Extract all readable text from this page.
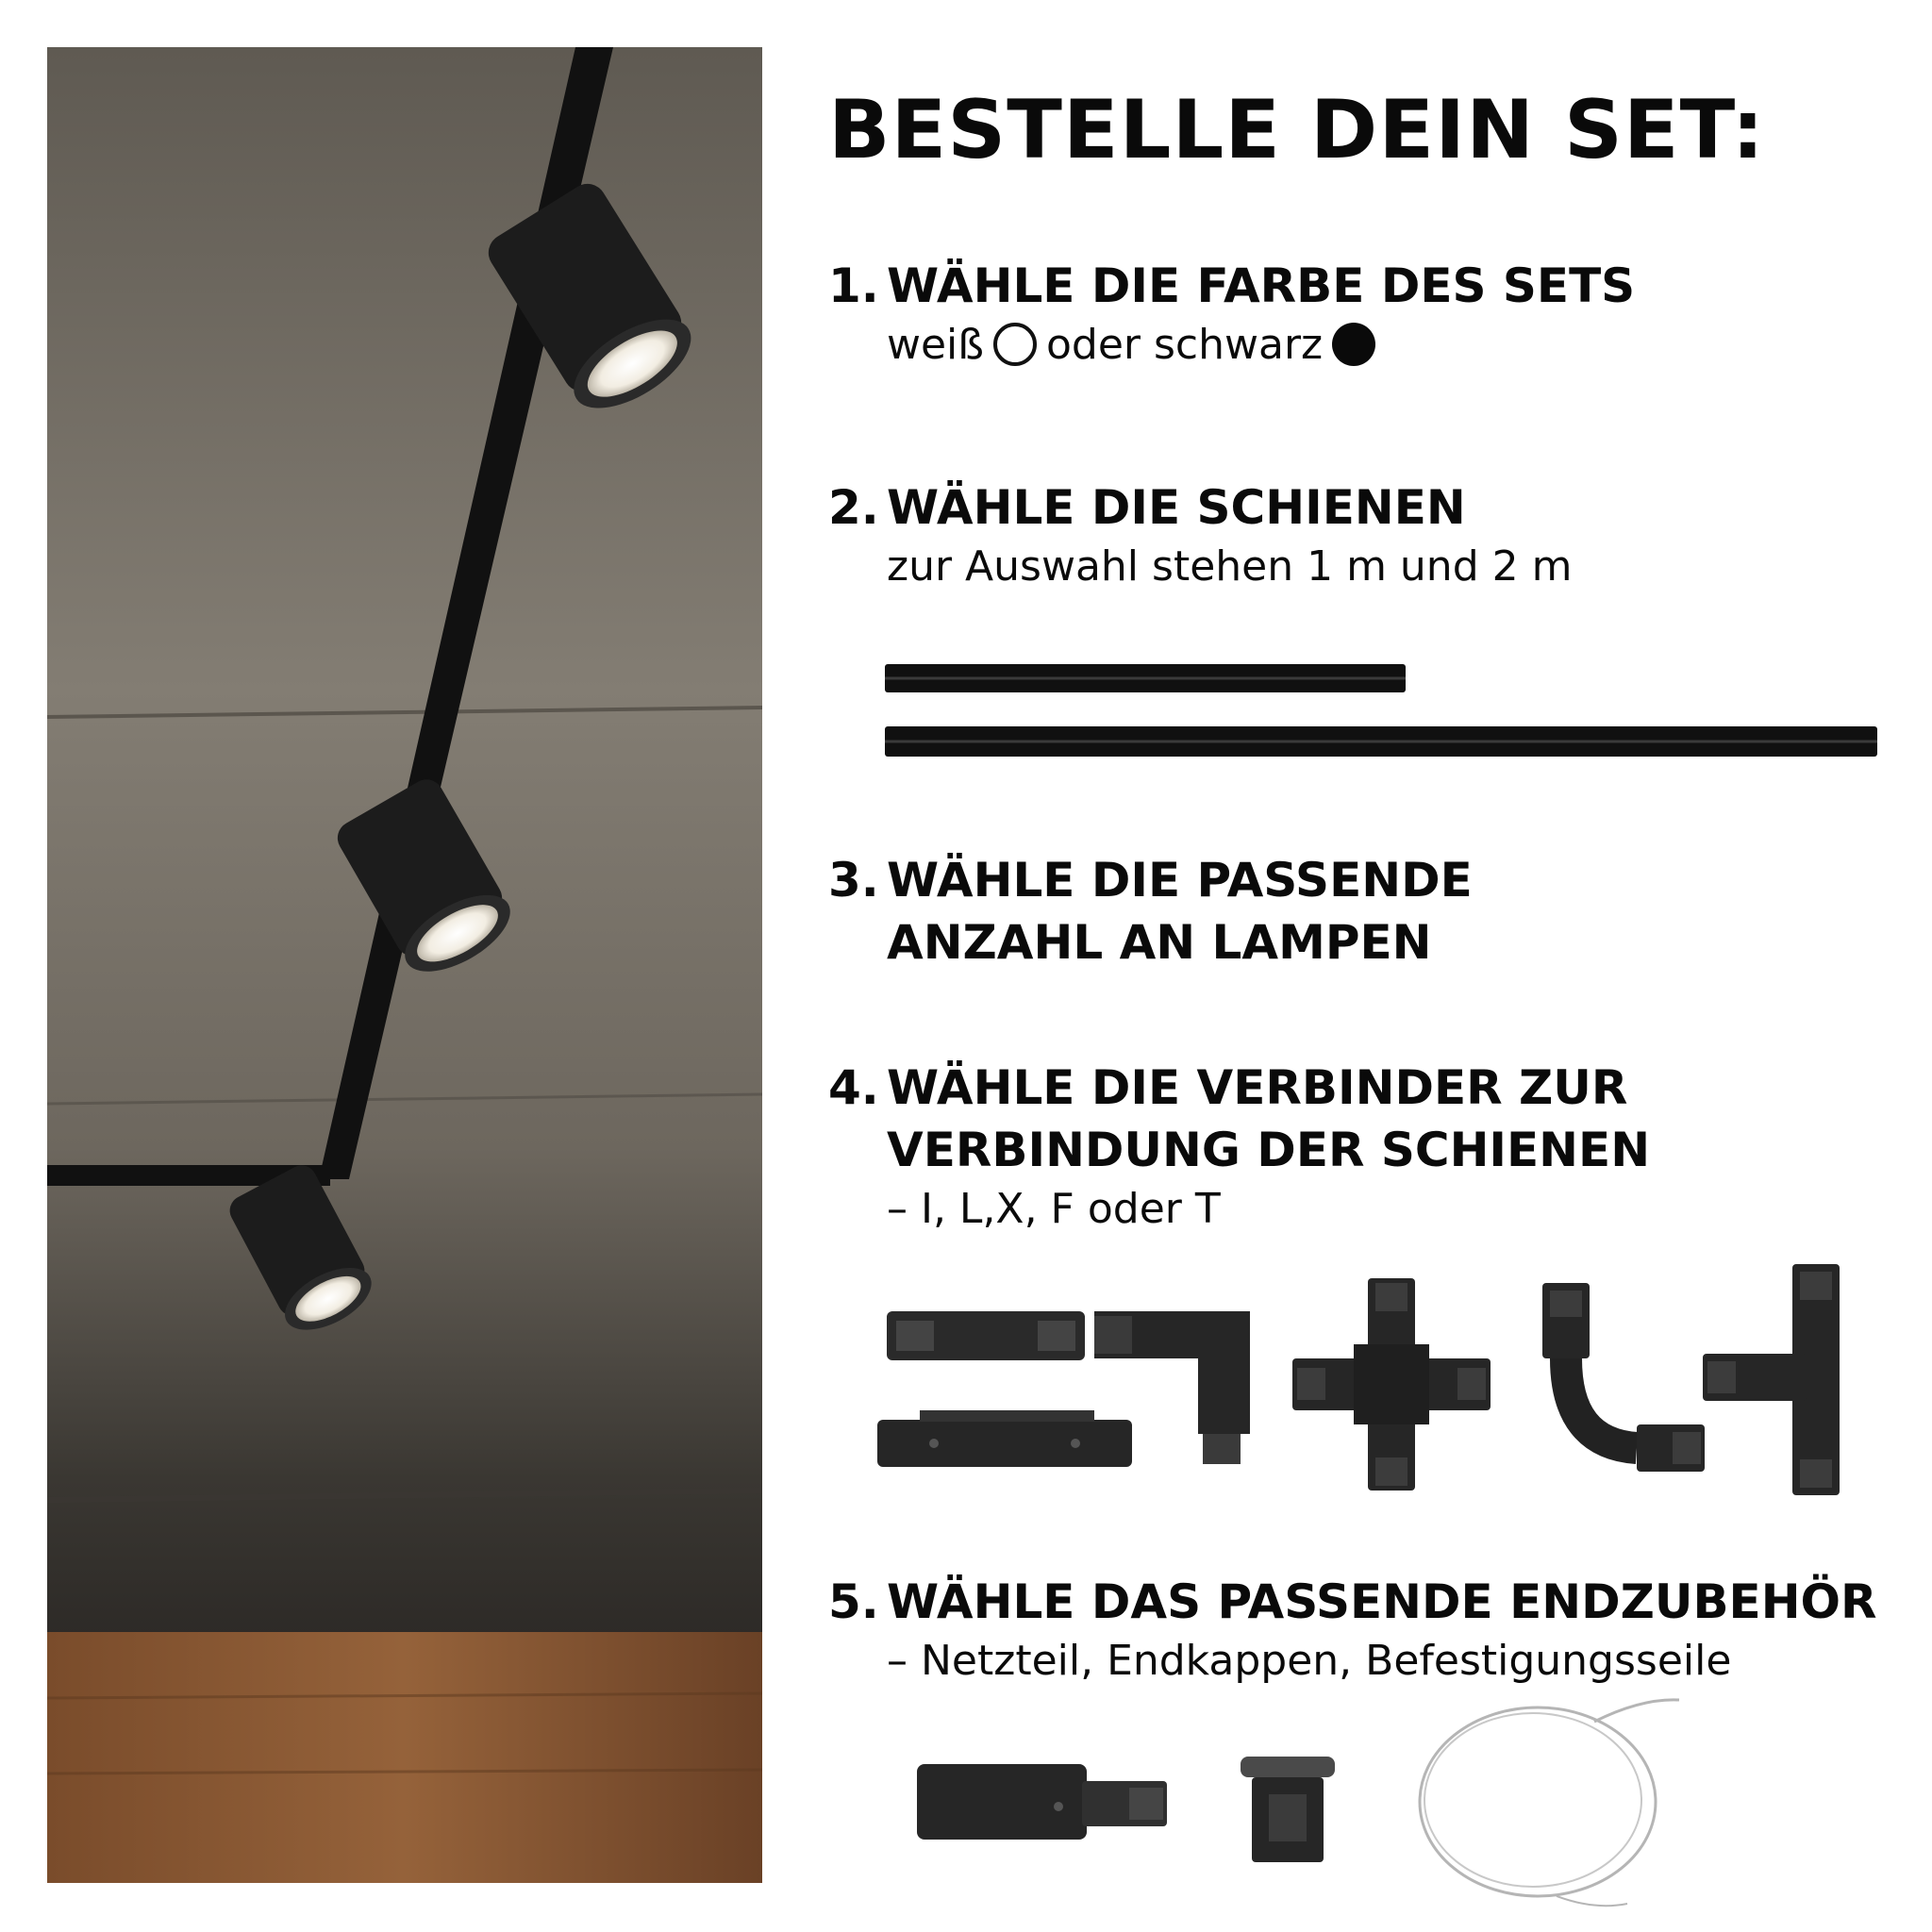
BESTELLE DEIN SET:
1. WÄHLE DIE FARBE DES SETS
weiß oder schwarz
2. WÄHLE DIE SCHIENEN
zur Auswahl stehen 1 m und 2 m
3. WÄHLE DIE PASSENDE
ANZAHL AN LAMPEN
4. WÄHLE DIE VERBINDER ZUR
VERBINDUNG DER SCHIENEN
– I, L,X, F oder T
5. WÄHLE DAS PASSENDE ENDZUBEHÖR
– Netzteil, Endkappen, Befestigungsseile
